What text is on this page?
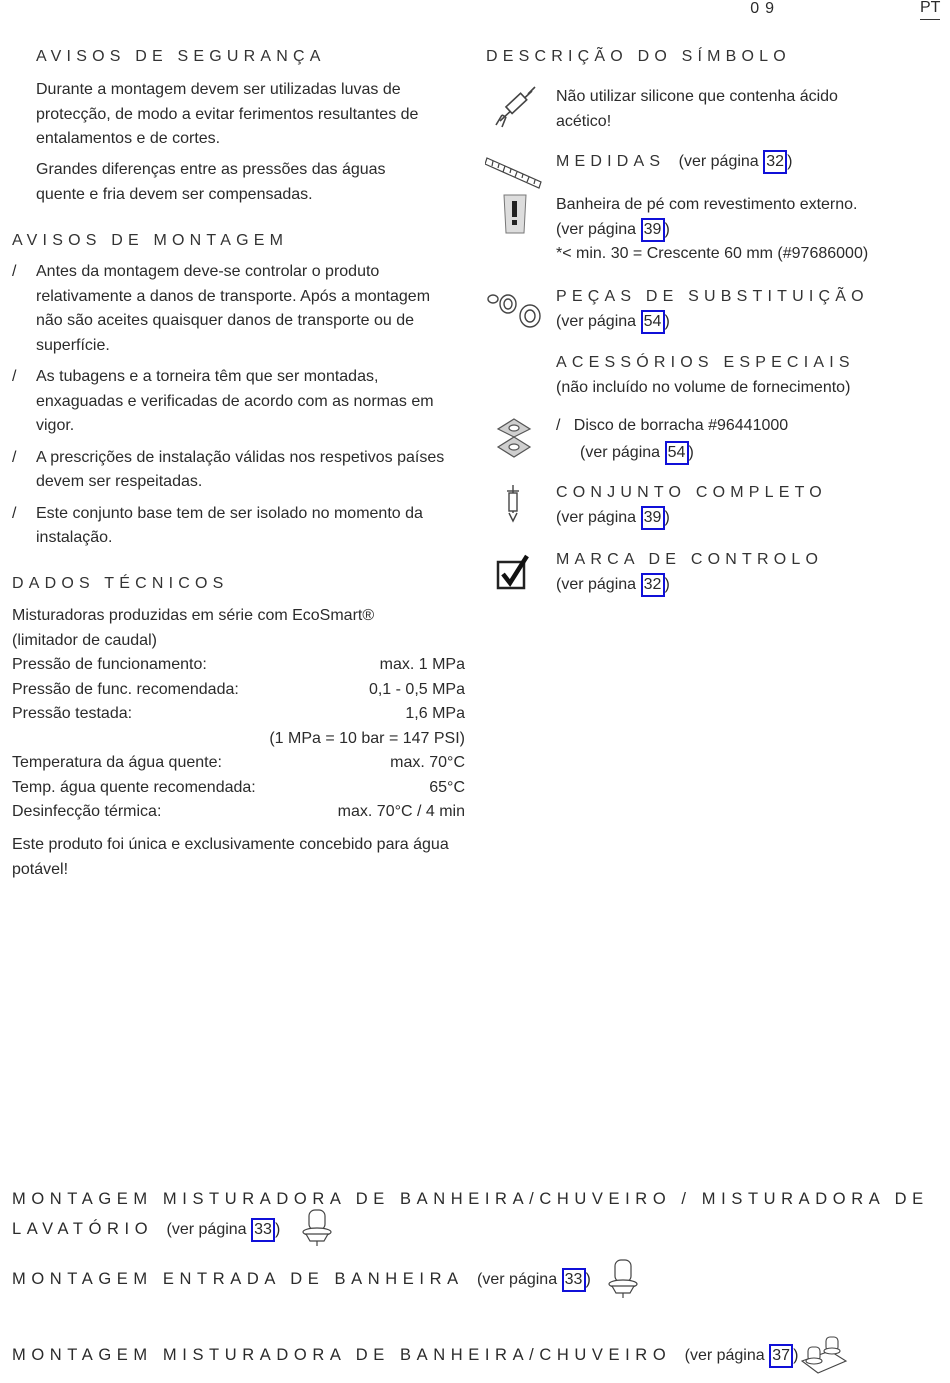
09	PT
AVISOS DE SEGURANÇA
Durante a montagem devem ser utilizadas luvas de protecção, de modo a evitar ferimentos resultantes de entalamentos e de cortes.
Grandes diferenças entre as pressões das águas quente e fria devem ser compensadas.
AVISOS DE MONTAGEM
/ Antes da montagem deve-se controlar o produto relativamente a danos de transporte. Após a montagem não são aceites quaisquer danos de transporte ou de superfície.
/ As tubagens e a torneira têm que ser montadas, enxaguadas e verificadas de acordo com as normas em vigor.
/ A prescrições de instalação válidas nos respetivos países devem ser respeitadas.
/ Este conjunto base tem de ser isolado no momento da instalação.
DADOS TÉCNICOS
Misturadoras produzidas em série com EcoSmart®
(limitador de caudal)
Pressão de funcionamento:	max. 1 MPa
Pressão de func. recomendada:	0,1 - 0,5 MPa
Pressão testada:	1,6 MPa
(1 MPa = 10 bar = 147 PSI)
Temperatura da água quente:	max. 70°C
Temp. água quente recomendada:	65°C
Desinfecção térmica:	max. 70°C / 4 min
Este produto foi única e exclusivamente concebido para água potável!
DESCRIÇÃO DO SÍMBOLO
Não utilizar silicone que contenha ácido acético!
MEDIDAS (ver página 32 )
Banheira de pé com revestimento externo.
(ver página 39 )
*< min. 30 = Crescente 60 mm (#97686000)
PEÇAS DE SUBSTITUIÇÃO
(ver página 54 )
ACESSÓRIOS ESPECIAIS
(não incluído no volume de fornecimento)
/ Disco de borracha #96441000
(ver página 54 )
CONJUNTO COMPLETO
(ver página 39 )
MARCA DE CONTROLO
(ver página 32 )
MONTAGEM MISTURADORA DE BANHEIRA/CHUVEIRO / MISTURADORA DE
LAVATÓRIO (ver página 33 )
MONTAGEM ENTRADA DE BANHEIRA (ver página 33 )
MONTAGEM MISTURADORA DE BANHEIRA/CHUVEIRO (ver página 37 )
